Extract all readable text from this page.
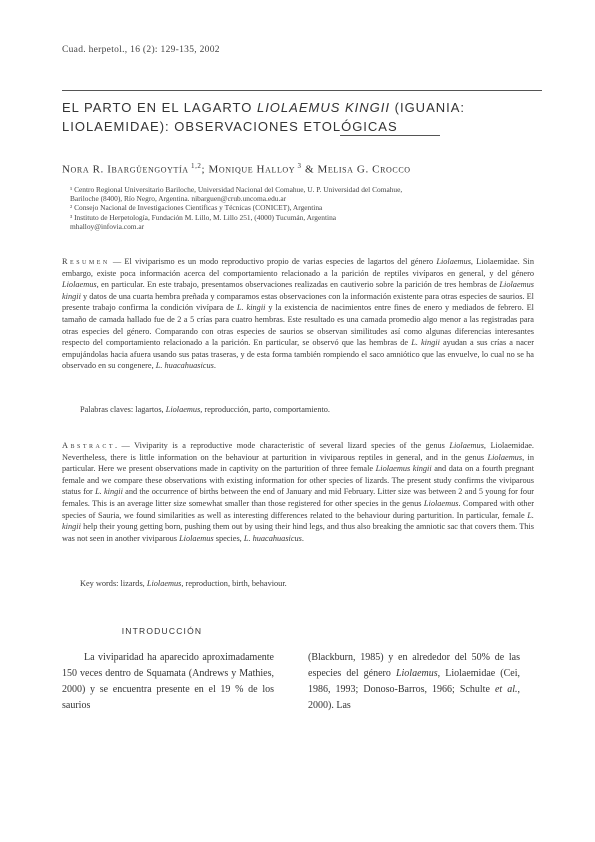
Cuad. herpetol., 16 (2): 129-135, 2002
EL PARTO EN EL LAGARTO LIOLAEMUS KINGII (IGUANIA:
LIOLAEMIDAE): OBSERVACIONES ETOLÓGICAS
Nora R. Ibargüengoytía $^{1,2}$; Monique Halloy $^3$ & Melisa G. Crocco
¹ Centro Regional Universitario Bariloche, Universidad Nacional del Comahue, U. P. Universidad del Comahue,
Bariloche (8400), Río Negro, Argentina. nibarguen@crub.uncoma.edu.ar
² Consejo Nacional de Investigaciones Científicas y Técnicas (CONICET), Argentina
³ Instituto de Herpetología, Fundación M. Lillo, M. Lillo 251, (4000) Tucumán, Argentina
mhalloy@infovia.com.ar
Resumen — El viviparismo es un modo reproductivo propio de varias especies de lagartos del género Liolaemus, Liolaemidae. Sin embargo, existe poca información acerca del comportamiento relacionado a la parición de reptiles vivíparos en general, y del género Liolaemus, en particular. En este trabajo, presentamos observaciones realizadas en cautiverio sobre la parición de tres hembras de Liolaemus kingii y datos de una cuarta hembra preñada y comparamos estas observaciones con la información existente para otras especies de saurios. El presente trabajo confirma la condición vivípara de L. kingii y la existencia de nacimientos entre fines de enero y mediados de febrero. El tamaño de camada hallado fue de 2 a 5 crías para cuatro hembras. Este resultado es una camada promedio algo menor a las registradas para otras especies del género. Comparando con otras especies de saurios se observan similitudes así como algunas diferencias interesantes respecto del comportamiento relacionado a la parición. En particular, se observó que las hembras de L. kingii ayudan a sus crías a nacer empujándolas hacia afuera usando sus patas traseras, y de esta forma también rompiendo el saco amniótico que las envuelve, lo cual no se ha observado en su congenere, L. huacahuasicus.
Palabras claves: lagartos, Liolaemus, reproducción, parto, comportamiento.
Abstract. — Viviparity is a reproductive mode characteristic of several lizard species of the genus Liolaemus, Liolaemidae. Nevertheless, there is little information on the behaviour at parturition in viviparous reptiles in general, and in the genus Liolaemus, in particular. Here we present observations made in captivity on the parturition of three female Liolaemus kingii and data on a fourth pregnant female and we compare these observations with existing information for other species of lizards. The present study confirms the viviparous status for L. kingii and the occurrence of births between the end of January and mid February. Litter size was between 2 and 5 young for four females. This is an average litter size somewhat smaller than those registered for other species in the genus Liolaemus. Compared with other species of Sauria, we found similarities as well as interesting differences related to the behaviour during parturition. In particular, female L. kingii help their young getting born, pushing them out by using their hind legs, and thus also breaking the amniotic sac that covers them. This was not seen in another viviparous Liolaemus species, L. huacahuasicus.
Key words: lizards, Liolaemus, reproduction, birth, behaviour.
INTRODUCCIÓN

La viviparidad ha aparecido aproximadamente 150 veces dentro de Squamata (Andrews y Mathies, 2000) y se encuentra presente en el 19 % de los saurios

(Blackburn, 1985) y en alrededor del 50% de las especies del género Liolaemus, Liolaemidae (Cei, 1986, 1993; Donoso-Barros, 1966; Schulte et al., 2000). Las
